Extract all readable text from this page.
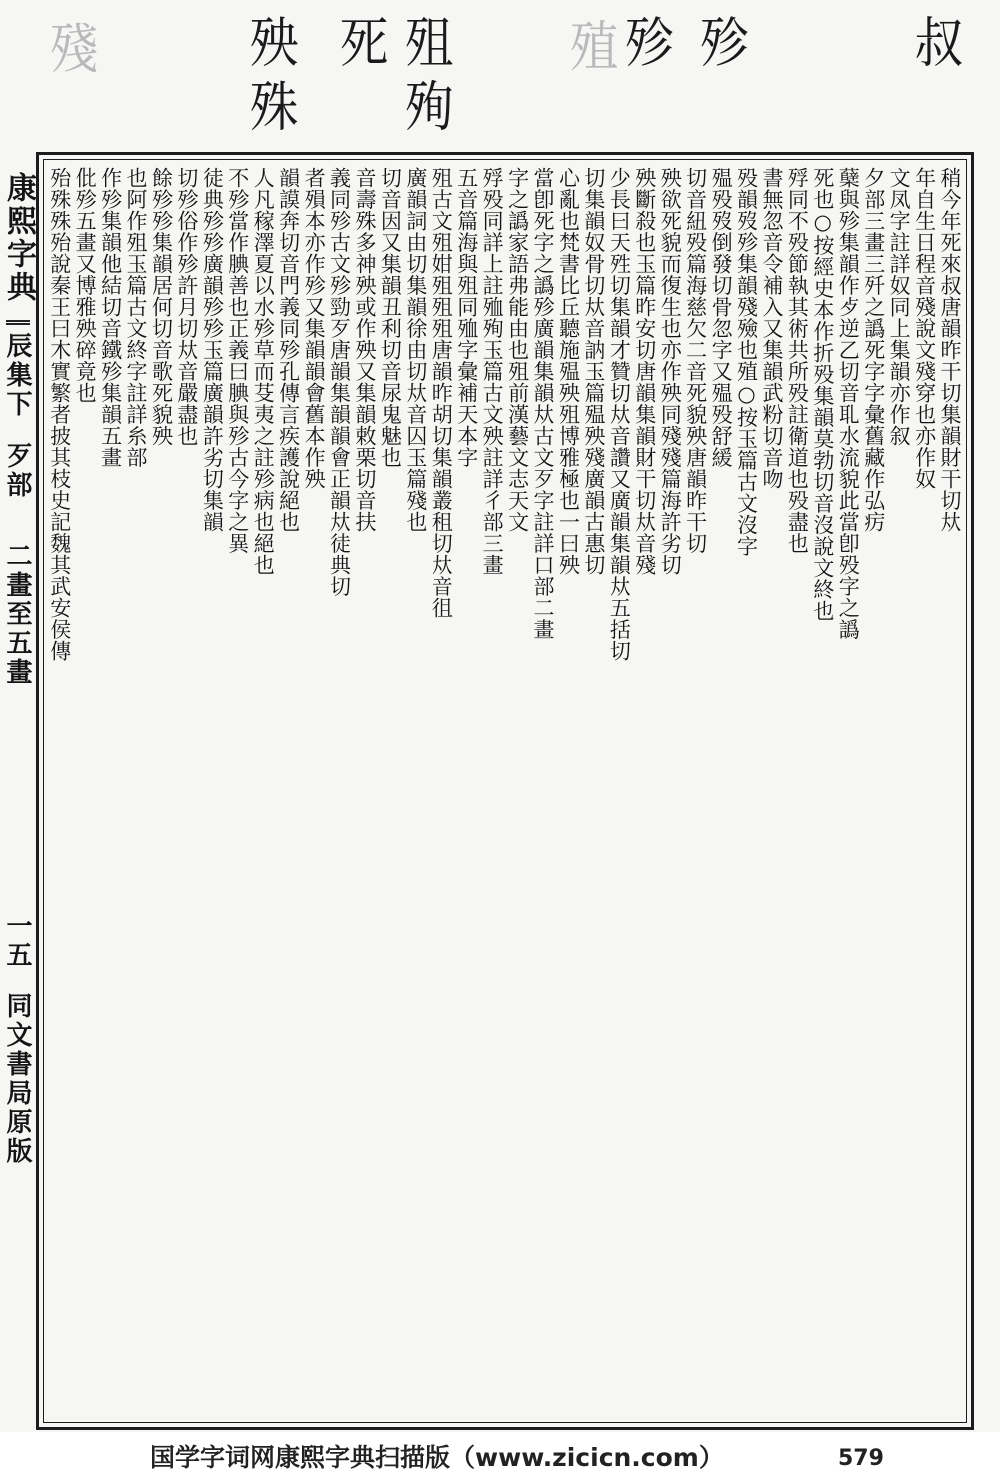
殘	殃
殊
死 殂
殉
殖
殄 殄	叔
康熙字典
辰集下
歹部
二畫至五畫
一五
同文書局原版
稍今年死來叔唐韻昨干切集韻財干切夶
年自生日程音殘說文殘穿也亦作奴
文凤字註詳奴同上集韻亦作叙
夕部三畫三歼之譌死字字彙舊藏作弘疠
蘖與殄集韻作歺逆乙切音耴水流貌此當卽殁字之譌
死也○按經史本作折殁集韻莫勃切音沒說文終也
殍同不殁節執其術共所殁註衛道也殁盡也
書無忽音令補入又集韻武粉切音吻
殁韻歿殄集韻殘殮也殖○按玉篇古文沒字
殟殁歿倒發切骨忽字又殟殁舒緩
切音紐殁篇海慈欠二音死貌殃唐韻昨干切
殃欲死貌而復生也亦作殃同殘殘篇海許劣切
殃斷殺也玉篇昨安切唐韻集韻財干切夶音殘
少長曰天殅切集韻才贊切夶音讚又廣韻集韻夶五括切
切集韻奴骨切夶音訥玉篇殟殃殘廣韻古惠切
心亂也梵書比丘聽施殟殃殂博雅極也一曰殃
當卽死字之譌殄廣韻集韻夶古文歹字註詳口部二畫
字之譌家語弗能由也殂前漢藝文志天文
殍殁同詳上註殈殉玉篇古文殃註詳彳部三畫
五音篇海與殂同殈字彙補天本字
殂古文殂姏殂殂殂唐韻昨胡切集韻叢租切夶音徂
廣韻詞由切集韻徐由切夶音囚玉篇殘也
切音因又集韻丑利切音尿鬼魅也
音壽殊多神殃或作殃又集韻敕栗切音扶
義同殄古文殄勁歹唐韻集韻韻會正韻夶徒典切
者殞本亦作殄又集韻韻會舊本作殃
韻謨奔切音門義同殄孔傳言疾護說絕也
人凡稼澤夏以水殄草而芟夷之註殄病也絕也
不殄當作腆善也正義曰腆與殄古今字之異
徒典殄殄廣韻殄殄玉篇廣韻許劣切集韻
切殄俗作殄許月切夶音嚴盡也
餘殄殄集韻居何切音歌死貌殃
也阿作殂玉篇古文終字註詳糸部
作殄集韻他結切音鐵殄集韻五畫
仳殄五畫又博雅殃碎竟也
殆殊殊殆說秦王曰木實繁者披其枝史記魏其武安侯傳
国学字词网康熙字典扫描版（www.zicicn.com）	579
